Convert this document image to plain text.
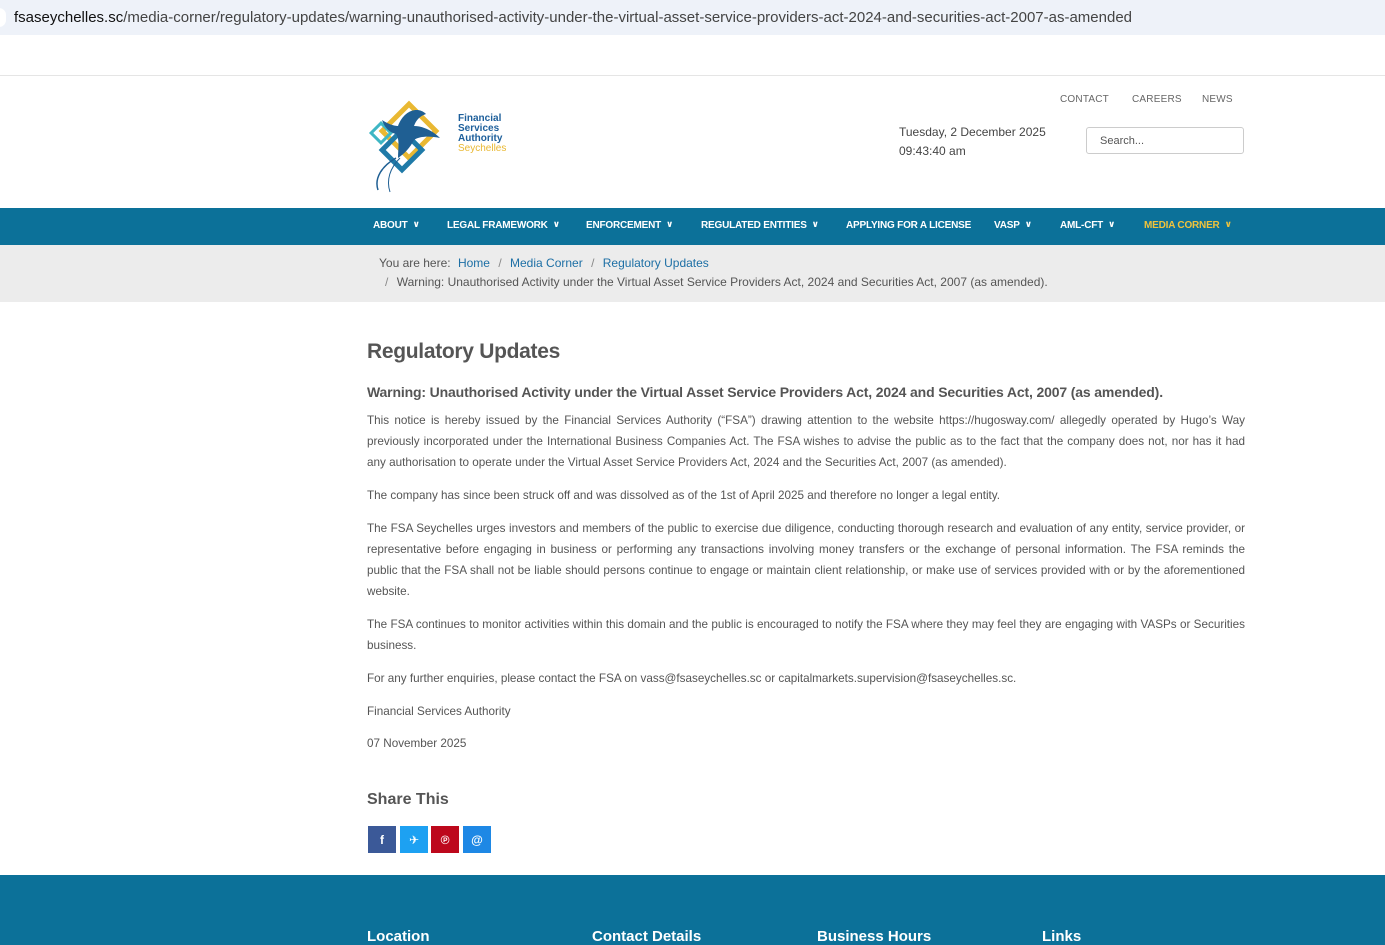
fsaseychelles.sc/media-corner/regulatory-updates/warning-unauthorised-activity-under-the-virtual-asset-service-providers-act-2024-and-securities-act-2007-as-amended
Financial
Services
Authority
Seychelles
CONTACT CAREERS NEWS
Tuesday, 2 December 2025
09:43:40 am
Search...
ABOUT ∨	LEGAL FRAMEWORK ∨	ENFORCEMENT ∨	REGULATED ENTITIES ∨	APPLYING FOR A LICENSE VASP ∨	AML-CFT ∨	MEDIA CORNER ∨
You are here: Home / Media Corner / Regulatory Updates
/ Warning: Unauthorised Activity under the Virtual Asset Service Providers Act, 2024 and Securities Act, 2007 (as amended).
Regulatory Updates
Warning: Unauthorised Activity under the Virtual Asset Service Providers Act, 2024 and Securities Act, 2007 (as amended).

This notice is hereby issued by the Financial Services Authority (“FSA”) drawing attention to the website https://hugosway.com/ allegedly operated by Hugo’s Way previously incorporated under the International Business Companies Act. The FSA wishes to advise the public as to the fact that the company does not, nor has it had any authorisation to operate under the Virtual Asset Service Providers Act, 2024 and the Securities Act, 2007 (as amended).

The company has since been struck off and was dissolved as of the 1st of April 2025 and therefore no longer a legal entity.

The FSA Seychelles urges investors and members of the public to exercise due diligence, conducting thorough research and evaluation of any entity, service provider, or representative before engaging in business or performing any transactions involving money transfers or the exchange of personal information. The FSA reminds the public that the FSA shall not be liable should persons continue to engage or maintain client relationship, or make use of services provided with or by the aforementioned website.

The FSA continues to monitor activities within this domain and the public is encouraged to notify the FSA where they may feel they are engaging with VASPs or Securities business.

For any further enquiries, please contact the FSA on vass@fsaseychelles.sc or capitalmarkets.supervision@fsaseychelles.sc.

Financial Services Authority

07 November 2025

Share This
f ✈ ℗ @
Location	Contact Details	Business Hours	Links
